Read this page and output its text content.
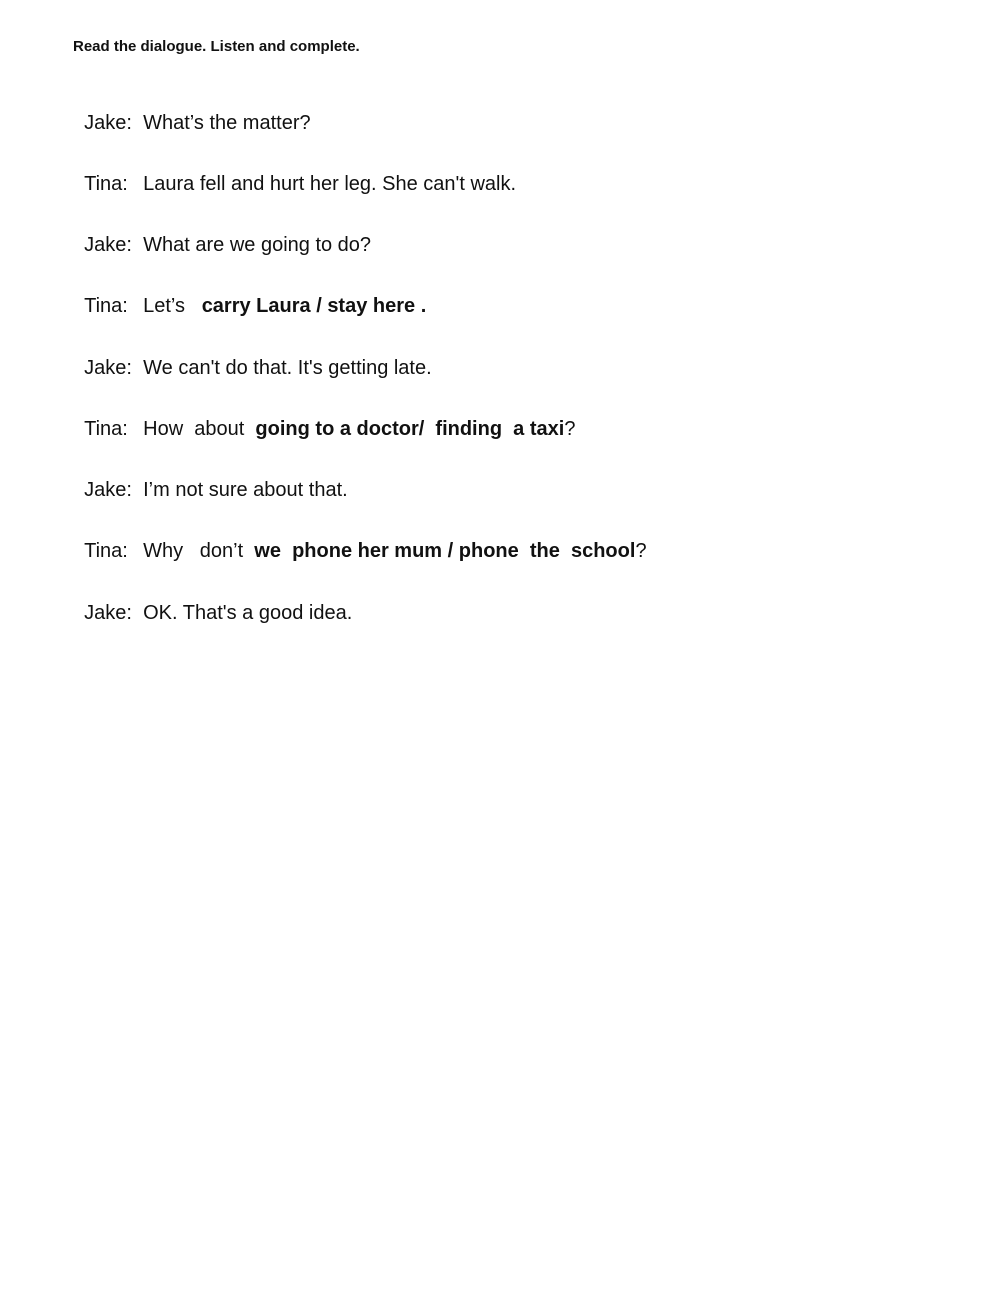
Read the dialogue. Listen and complete.

Jake: What’s the matter?

Tina: Laura fell and hurt her leg. She can't walk.

Jake: What are we going to do?

Tina: Let’s   carry Laura / stay here .

Jake: We can't do that. It's getting late.

Tina: How  about  going to a doctor/  finding  a taxi?

Jake: I’m not sure about that.

Tina: Why   don’t  we  phone her mum / phone  the  school?

Jake: OK. That's a good idea.
